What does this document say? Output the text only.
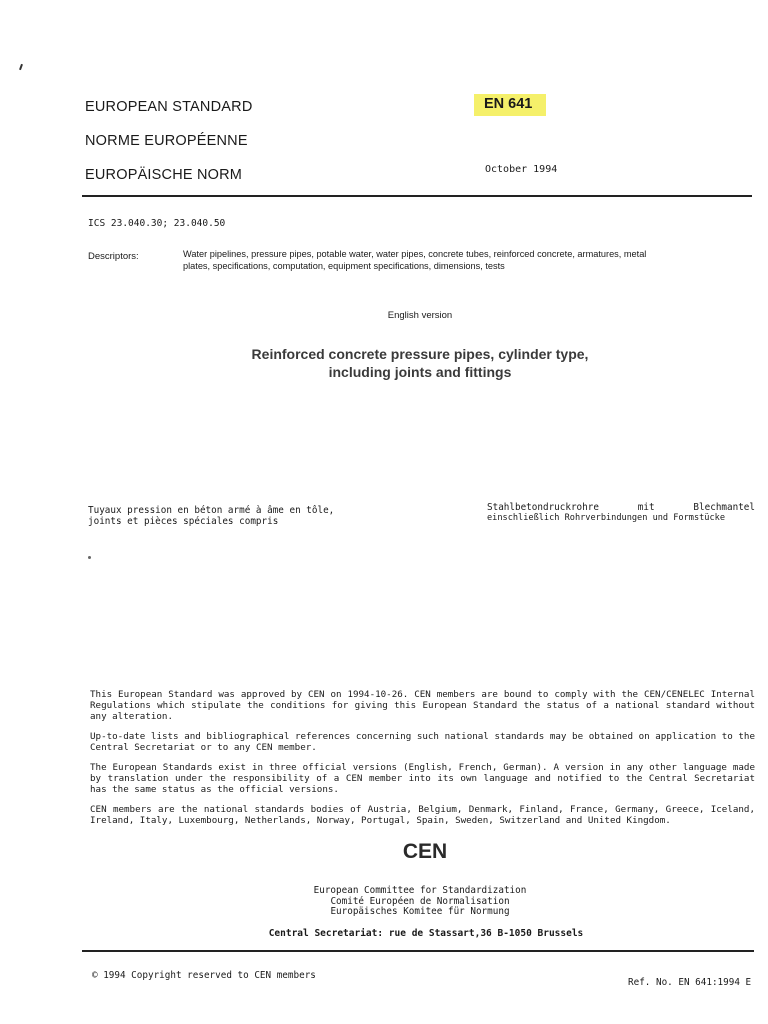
EUROPEAN STANDARD
NORME EUROPÉENNE
EUROPÄISCHE NORM
EN 641
October 1994
ICS 23.040.30; 23.040.50
Descriptors:	Water pipelines, pressure pipes, potable water, water pipes, concrete tubes, reinforced concrete, armatures, metal
plates, specifications, computation, equipment specifications, dimensions, tests
English version
Reinforced concrete pressure pipes, cylinder type,
including joints and fittings
Tuyaux pression en béton armé à âme en tôle,
joints et pièces spéciales compris
Stahlbetondruckrohre mit Blechmantel
einschließlich Rohrverbindungen und Formstücke
This European Standard was approved by CEN on 1994-10-26. CEN members are bound to comply with the CEN/CENELEC Internal Regulations which stipulate the conditions for giving this European Standard the status of a national standard without any alteration.
Up-to-date lists and bibliographical references concerning such national standards may be obtained on application to the Central Secretariat or to any CEN member.
The European Standards exist in three official versions (English, French, German). A version in any other language made by translation under the responsibility of a CEN member into its own language and notified to the Central Secretariat has the same status as the official versions.
CEN members are the national standards bodies of Austria, Belgium, Denmark, Finland, France, Germany, Greece, Iceland, Ireland, Italy, Luxembourg, Netherlands, Norway, Portugal, Spain, Sweden, Switzerland and United Kingdom.
CEN
European Committee for Standardization
Comité Européen de Normalisation
Europäisches Komitee für Normung
Central Secretariat: rue de Stassart,36 B-1050 Brussels
© 1994 Copyright reserved to CEN members
Ref. No. EN 641:1994 E
